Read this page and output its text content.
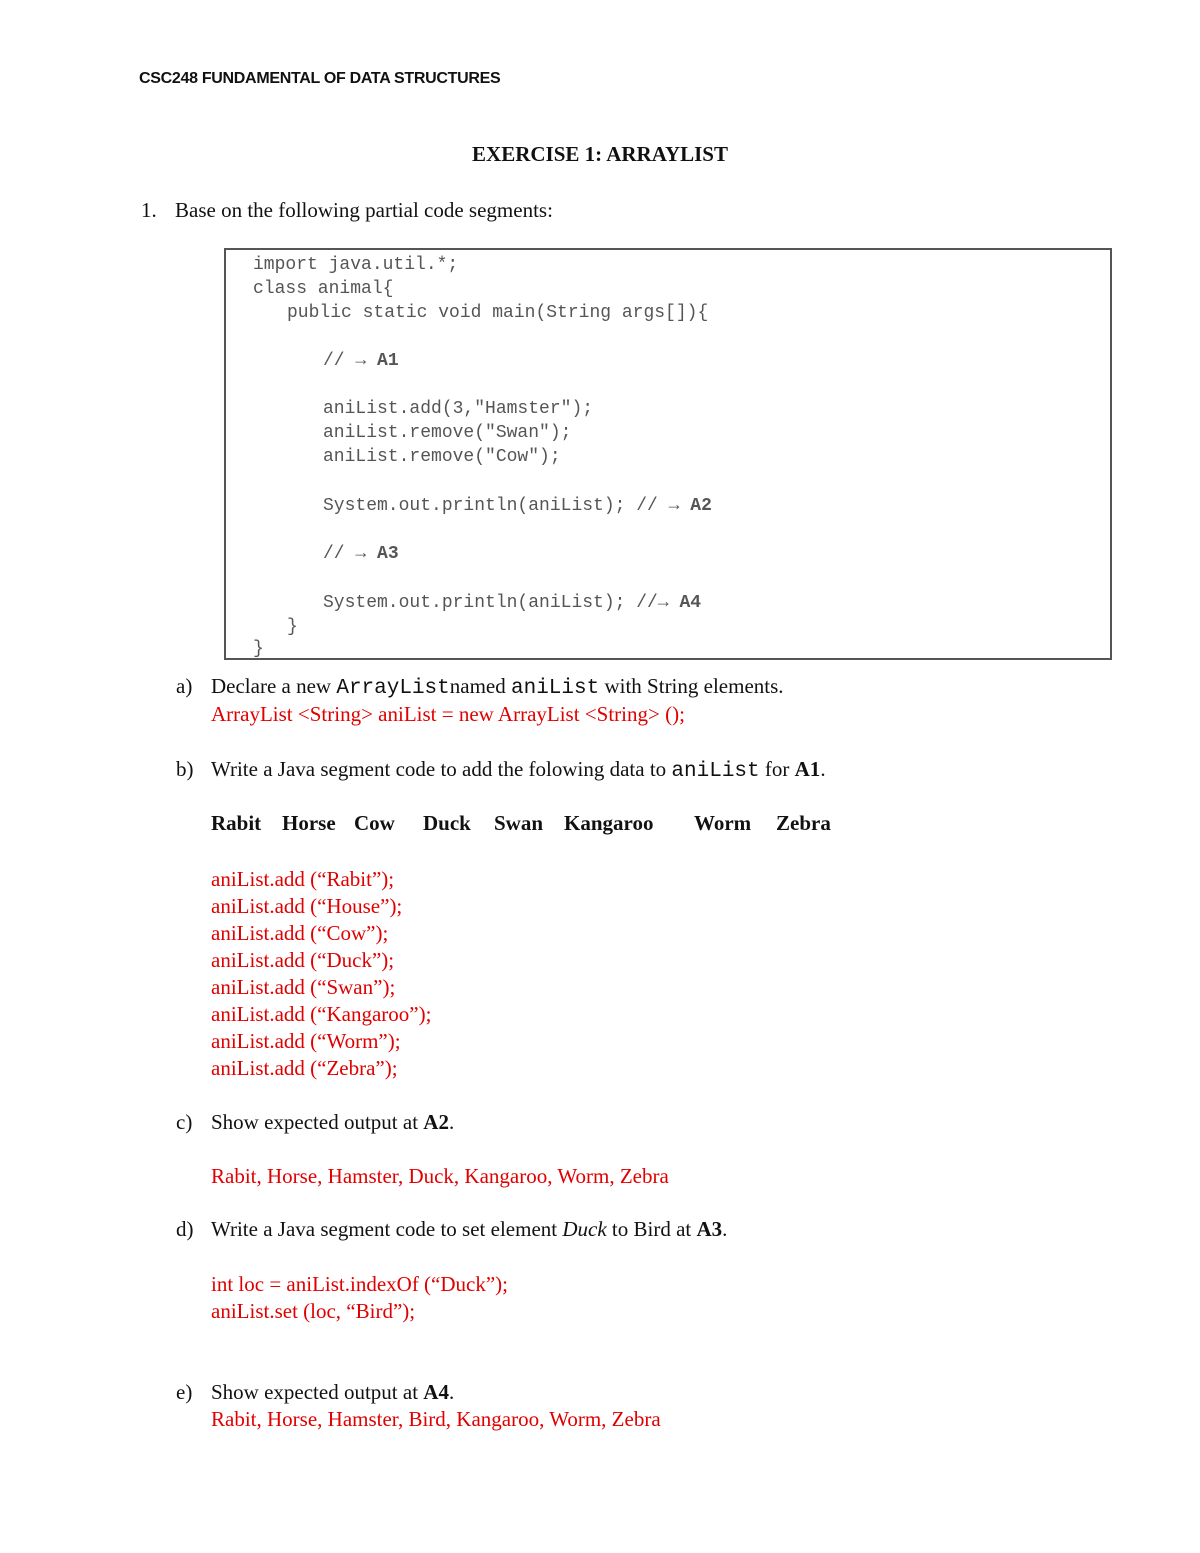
CSC248 FUNDAMENTAL OF DATA STRUCTURES
EXERCISE 1: ARRAYLIST
1. Base on the following partial code segments:
import java.util.*;
class animal{
public static void main(String args[]){
// → A1
aniList.add(3,"Hamster");
aniList.remove("Swan");
aniList.remove("Cow");
System.out.println(aniList); // → A2
// → A3
System.out.println(aniList); //→ A4
}
}
a) Declare a new ArrayListnamed aniList with String elements.
ArrayList <String> aniList = new ArrayList <String> ();
b) Write a Java segment code to add the folowing data to aniList for A1.
Rabit Horse Cow Duck Swan Kangaroo Worm Zebra
aniList.add (“Rabit”);
aniList.add (“House”);
aniList.add (“Cow”);
aniList.add (“Duck”);
aniList.add (“Swan”);
aniList.add (“Kangaroo”);
aniList.add (“Worm”);
aniList.add (“Zebra”);
c) Show expected output at A2.
Rabit, Horse, Hamster, Duck, Kangaroo, Worm, Zebra
d) Write a Java segment code to set element Duck to Bird at A3.
int loc = aniList.indexOf (“Duck”);
aniList.set (loc, “Bird”);
e) Show expected output at A4.
Rabit, Horse, Hamster, Bird, Kangaroo, Worm, Zebra
